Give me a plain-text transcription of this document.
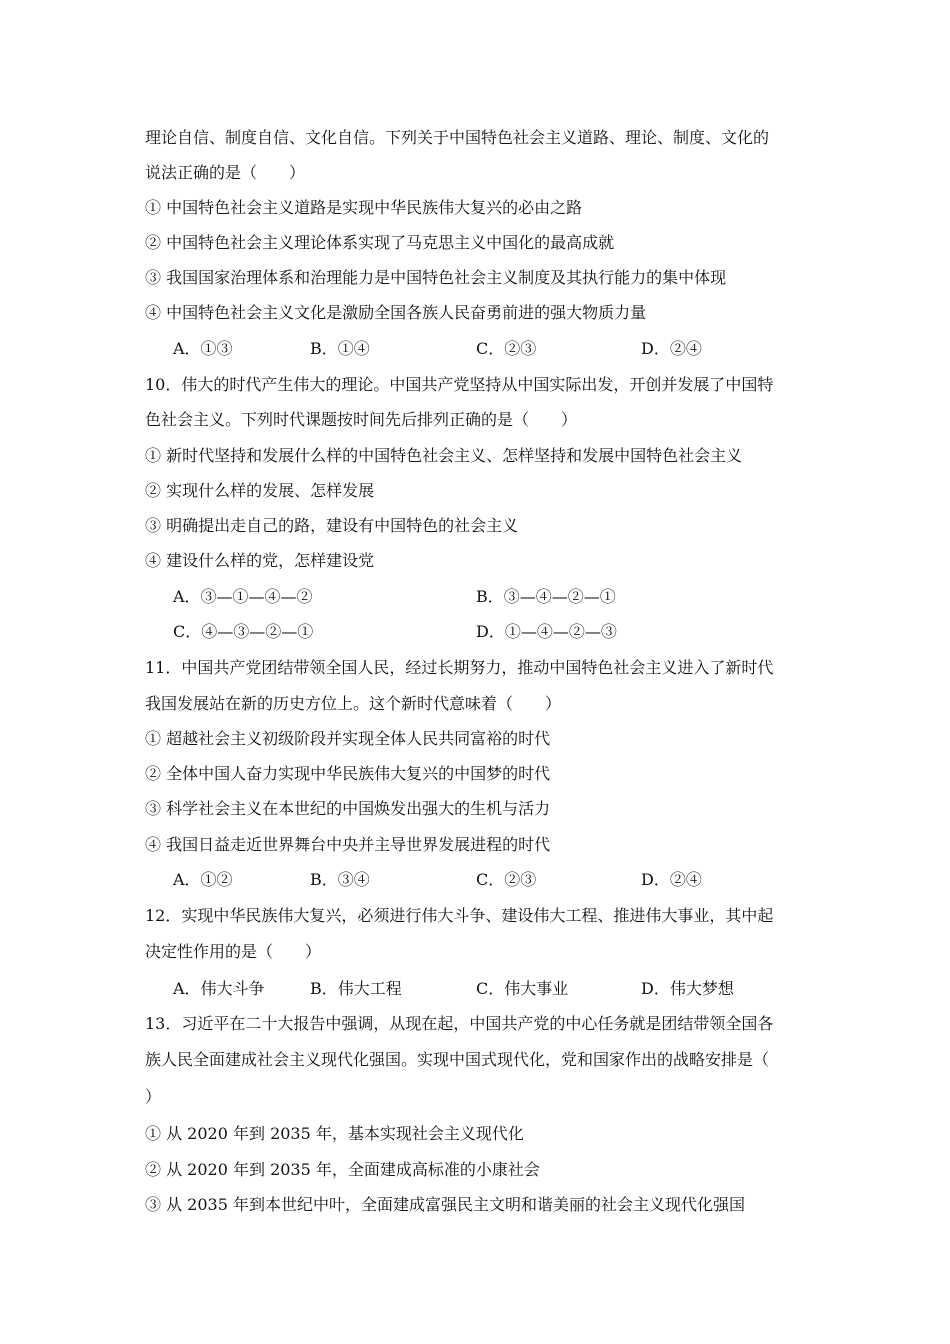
理论自信、制度自信、文化自信。下列关于中国特色社会主义道路、理论、制度、文化的
说法正确的是（　　）
① 中国特色社会主义道路是实现中华民族伟大复兴的必由之路
② 中国特色社会主义理论体系实现了马克思主义中国化的最高成就
③ 我国国家治理体系和治理能力是中国特色社会主义制度及其执行能力的集中体现
④ 中国特色社会主义文化是激励全国各族人民奋勇前进的强大物质力量
A．①③	B．①④	C．②③	D．②④
10．伟大的时代产生伟大的理论。中国共产党坚持从中国实际出发，开创并发展了中国特
色社会主义。下列时代课题按时间先后排列正确的是（　　）
① 新时代坚持和发展什么样的中国特色社会主义、怎样坚持和发展中国特色社会主义
② 实现什么样的发展、怎样发展
③ 明确提出走自己的路，建设有中国特色的社会主义
④ 建设什么样的党，怎样建设党
A．③—①—④—②	B．③—④—②—①
C．④—③—②—①	D．①—④—②—③
11．中国共产党团结带领全国人民，经过长期努力，推动中国特色社会主义进入了新时代
我国发展站在新的历史方位上。这个新时代意味着（　　）
① 超越社会主义初级阶段并实现全体人民共同富裕的时代
② 全体中国人奋力实现中华民族伟大复兴的中国梦的时代
③ 科学社会主义在本世纪的中国焕发出强大的生机与活力
④ 我国日益走近世界舞台中央并主导世界发展进程的时代
A．①②	B．③④	C．②③	D．②④
12．实现中华民族伟大复兴，必须进行伟大斗争、建设伟大工程、推进伟大事业，其中起
决定性作用的是（　　）
A．伟大斗争	B．伟大工程	C．伟大事业	D．伟大梦想
13．习近平在二十大报告中强调，从现在起，中国共产党的中心任务就是团结带领全国各
族人民全面建成社会主义现代化强国。实现中国式现代化，党和国家作出的战略安排是（
）
① 从 2020 年到 2035 年，基本实现社会主义现代化
② 从 2020 年到 2035 年，全面建成高标准的小康社会
③ 从 2035 年到本世纪中叶，全面建成富强民主文明和谐美丽的社会主义现代化强国
